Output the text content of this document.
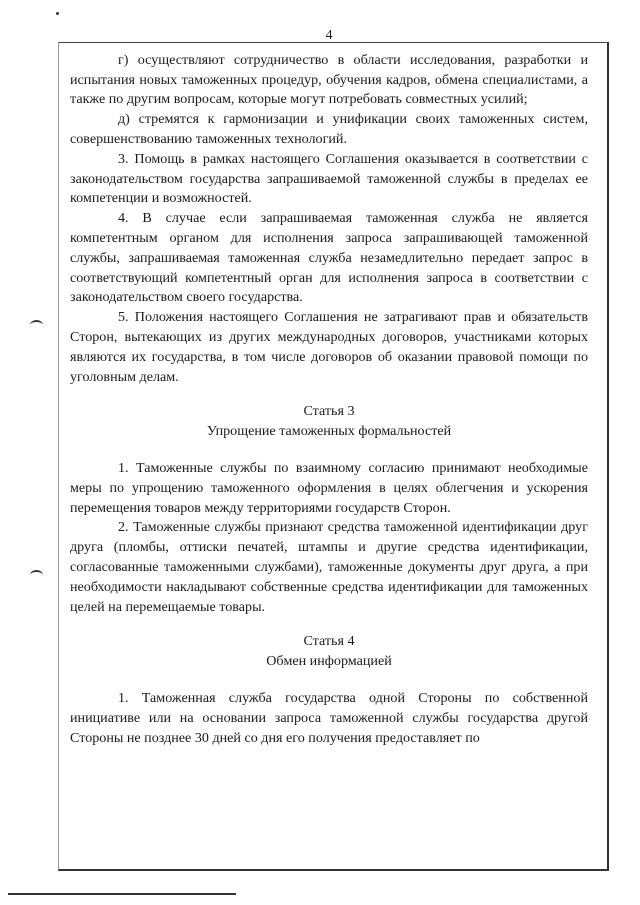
4

г) осуществляют сотрудничество в области исследования, разработки и испытания новых таможенных процедур, обучения кадров, обмена специалистами, а также по другим вопросам, которые могут потребовать совместных усилий;

д) стремятся к гармонизации и унификации своих таможенных систем, совершенствованию таможенных технологий.

3. Помощь в рамках настоящего Соглашения оказывается в соответствии с законодательством государства запрашиваемой таможенной службы в пределах ее компетенции и возможностей.

4. В случае если запрашиваемая таможенная служба не является компетентным органом для исполнения запроса запрашивающей таможенной службы, запрашиваемая таможенная служба незамедлительно передает запрос в соответствующий компетентный орган для исполнения запроса в соответствии с законодательством своего государства.

5. Положения настоящего Соглашения не затрагивают прав и обязательств Сторон, вытекающих из других международных договоров, участниками которых являются их государства, в том числе договоров об оказании правовой помощи по уголовным делам.

Статья 3
Упрощение таможенных формальностей

1. Таможенные службы по взаимному согласию принимают необходимые меры по упрощению таможенного оформления в целях облегчения и ускорения перемещения товаров между территориями государств Сторон.

2. Таможенные службы признают средства таможенной идентификации друг друга (пломбы, оттиски печатей, штампы и другие средства идентификации, согласованные таможенными службами), таможенные документы друг друга, а при необходимости накладывают собственные средства идентификации для таможенных целей на перемещаемые товары.

Статья 4
Обмен информацией

1. Таможенная служба государства одной Стороны по собственной инициативе или на основании запроса таможенной службы государства другой Стороны не позднее 30 дней со дня его получения предоставляет по
